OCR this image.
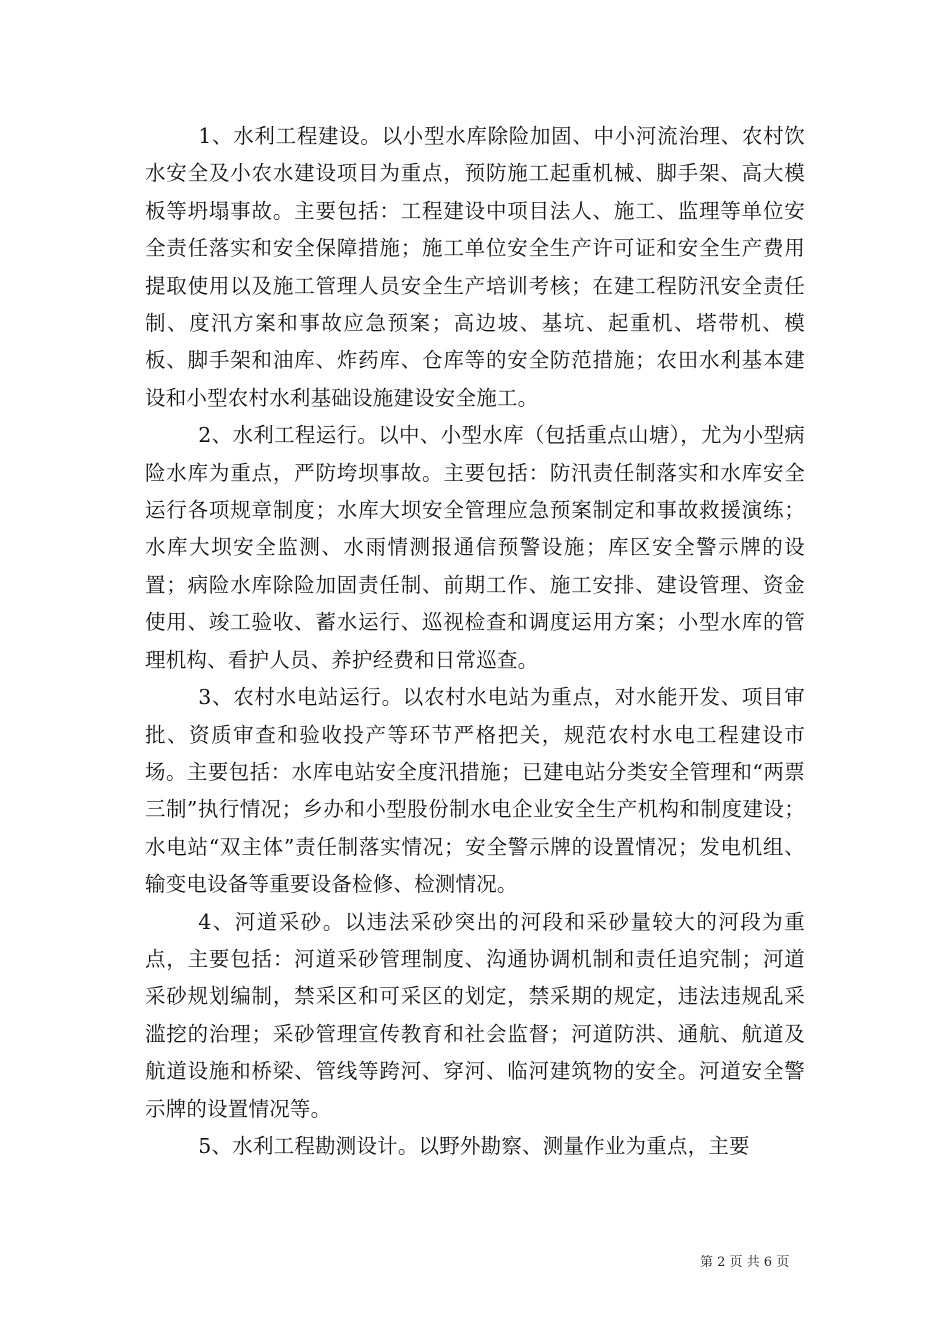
1、水利工程建设。以小型水库除险加固、中小河流治理、农村饮水安全及小农水建设项目为重点，预防施工起重机械、脚手架、高大模板等坍塌事故。主要包括：工程建设中项目法人、施工、监理等单位安全责任落实和安全保障措施；施工单位安全生产许可证和安全生产费用提取使用以及施工管理人员安全生产培训考核；在建工程防汛安全责任制、度汛方案和事故应急预案；高边坡、基坑、起重机、塔带机、模板、脚手架和油库、炸药库、仓库等的安全防范措施；农田水利基本建设和小型农村水利基础设施建设安全施工。

2、水利工程运行。以中、小型水库（包括重点山塘），尤为小型病险水库为重点，严防垮坝事故。主要包括：防汛责任制落实和水库安全运行各项规章制度；水库大坝安全管理应急预案制定和事故救援演练；水库大坝安全监测、水雨情测报通信预警设施；库区安全警示牌的设置；病险水库除险加固责任制、前期工作、施工安排、建设管理、资金使用、竣工验收、蓄水运行、巡视检查和调度运用方案；小型水库的管理机构、看护人员、养护经费和日常巡查。

3、农村水电站运行。以农村水电站为重点，对水能开发、项目审批、资质审查和验收投产等环节严格把关，规范农村水电工程建设市场。主要包括：水库电站安全度汛措施；已建电站分类安全管理和“两票三制”执行情况；乡办和小型股份制水电企业安全生产机构和制度建设；水电站“双主体”责任制落实情况；安全警示牌的设置情况；发电机组、输变电设备等重要设备检修、检测情况。

4、河道采砂。以违法采砂突出的河段和采砂量较大的河段为重点，主要包括：河道采砂管理制度、沟通协调机制和责任追究制；河道采砂规划编制，禁采区和可采区的划定，禁采期的规定，违法违规乱采滥挖的治理；采砂管理宣传教育和社会监督；河道防洪、通航、航道及航道设施和桥梁、管线等跨河、穿河、临河建筑物的安全。河道安全警示牌的设置情况等。

5、水利工程勘测设计。以野外勘察、测量作业为重点，主要

第 2 页 共 6 页
